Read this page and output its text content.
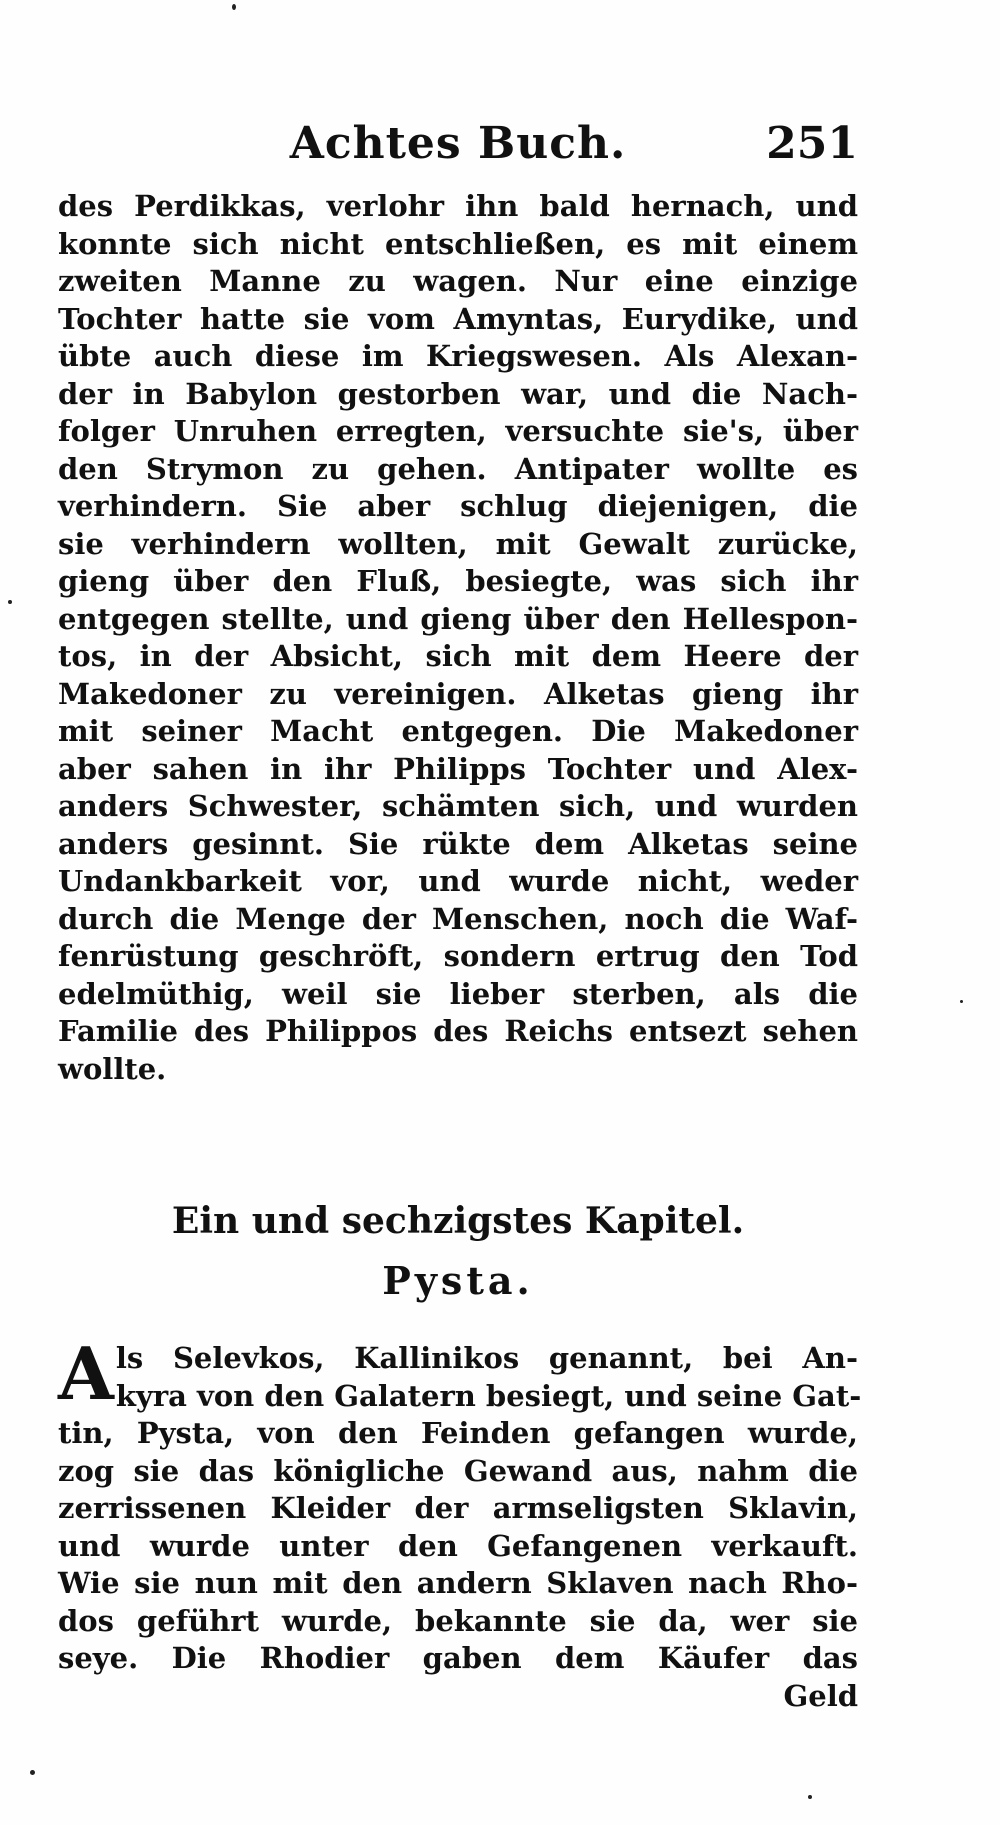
Achtes Buch.	251
des Perdikkas, verlohr ihn bald hernach, und
konnte sich nicht entschließen, es mit einem
zweiten Manne zu wagen. Nur eine einzige
Tochter hatte sie vom Amyntas, Eurydike, und
übte auch diese im Kriegswesen. Als Alexan-
der in Babylon gestorben war, und die Nach-
folger Unruhen erregten, versuchte sie's, über
den Strymon zu gehen. Antipater wollte es
verhindern. Sie aber schlug diejenigen, die
sie verhindern wollten, mit Gewalt zurücke,
gieng über den Fluß, besiegte, was sich ihr
entgegen stellte, und gieng über den Hellespon-
tos, in der Absicht, sich mit dem Heere der
Makedoner zu vereinigen. Alketas gieng ihr
mit seiner Macht entgegen. Die Makedoner
aber sahen in ihr Philipps Tochter und Alex-
anders Schwester, schämten sich, und wurden
anders gesinnt. Sie rükte dem Alketas seine
Undankbarkeit vor, und wurde nicht, weder
durch die Menge der Menschen, noch die Waf-
fenrüstung geschröft, sondern ertrug den Tod
edelmüthig, weil sie lieber sterben, als die
Familie des Philippos des Reichs entsezt sehen
wollte.
Ein und sechzigstes Kapitel.
Pysta.
A ls Selevkos, Kallinikos genannt, bei An-
kyra von den Galatern besiegt, und seine Gat-
tin, Pysta, von den Feinden gefangen wurde,
zog sie das königliche Gewand aus, nahm die
zerrissenen Kleider der armseligsten Sklavin,
und wurde unter den Gefangenen verkauft.
Wie sie nun mit den andern Sklaven nach Rho-
dos geführt wurde, bekannte sie da, wer sie
seye. Die Rhodier gaben dem Käufer das
Geld
